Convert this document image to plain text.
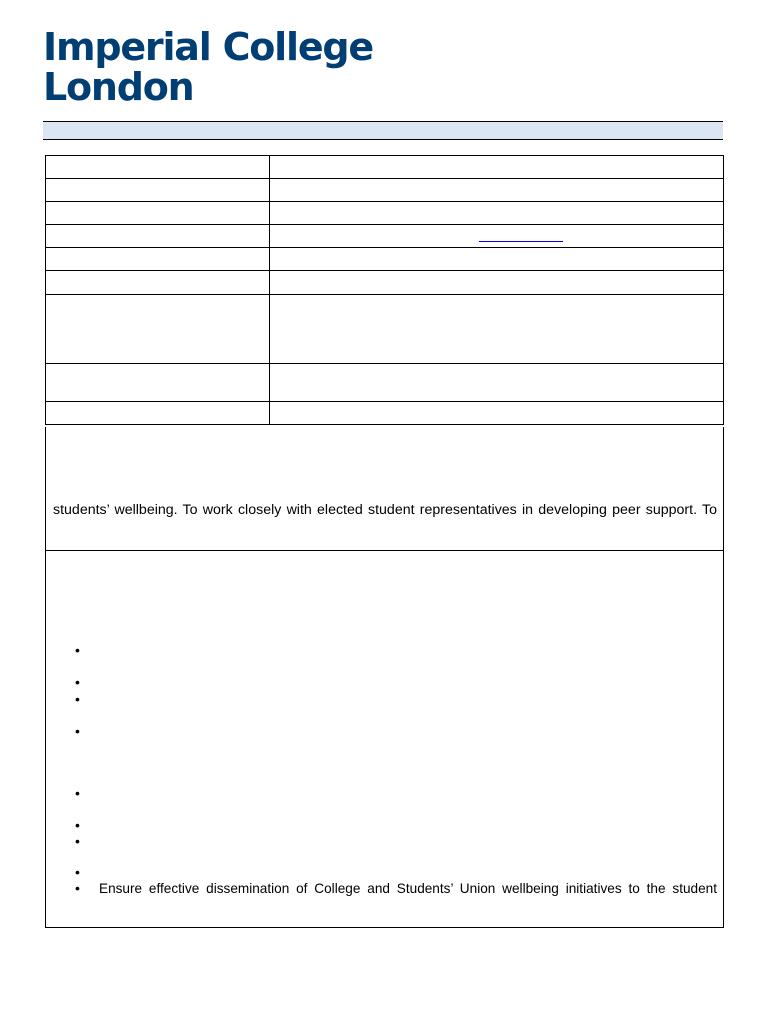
Imperial College
London

students’ wellbeing. To work closely with elected student representatives in developing peer support. To
•
•
•
•
•
•
•
•
• Ensure effective dissemination of College and Students’ Union wellbeing initiatives to the student
